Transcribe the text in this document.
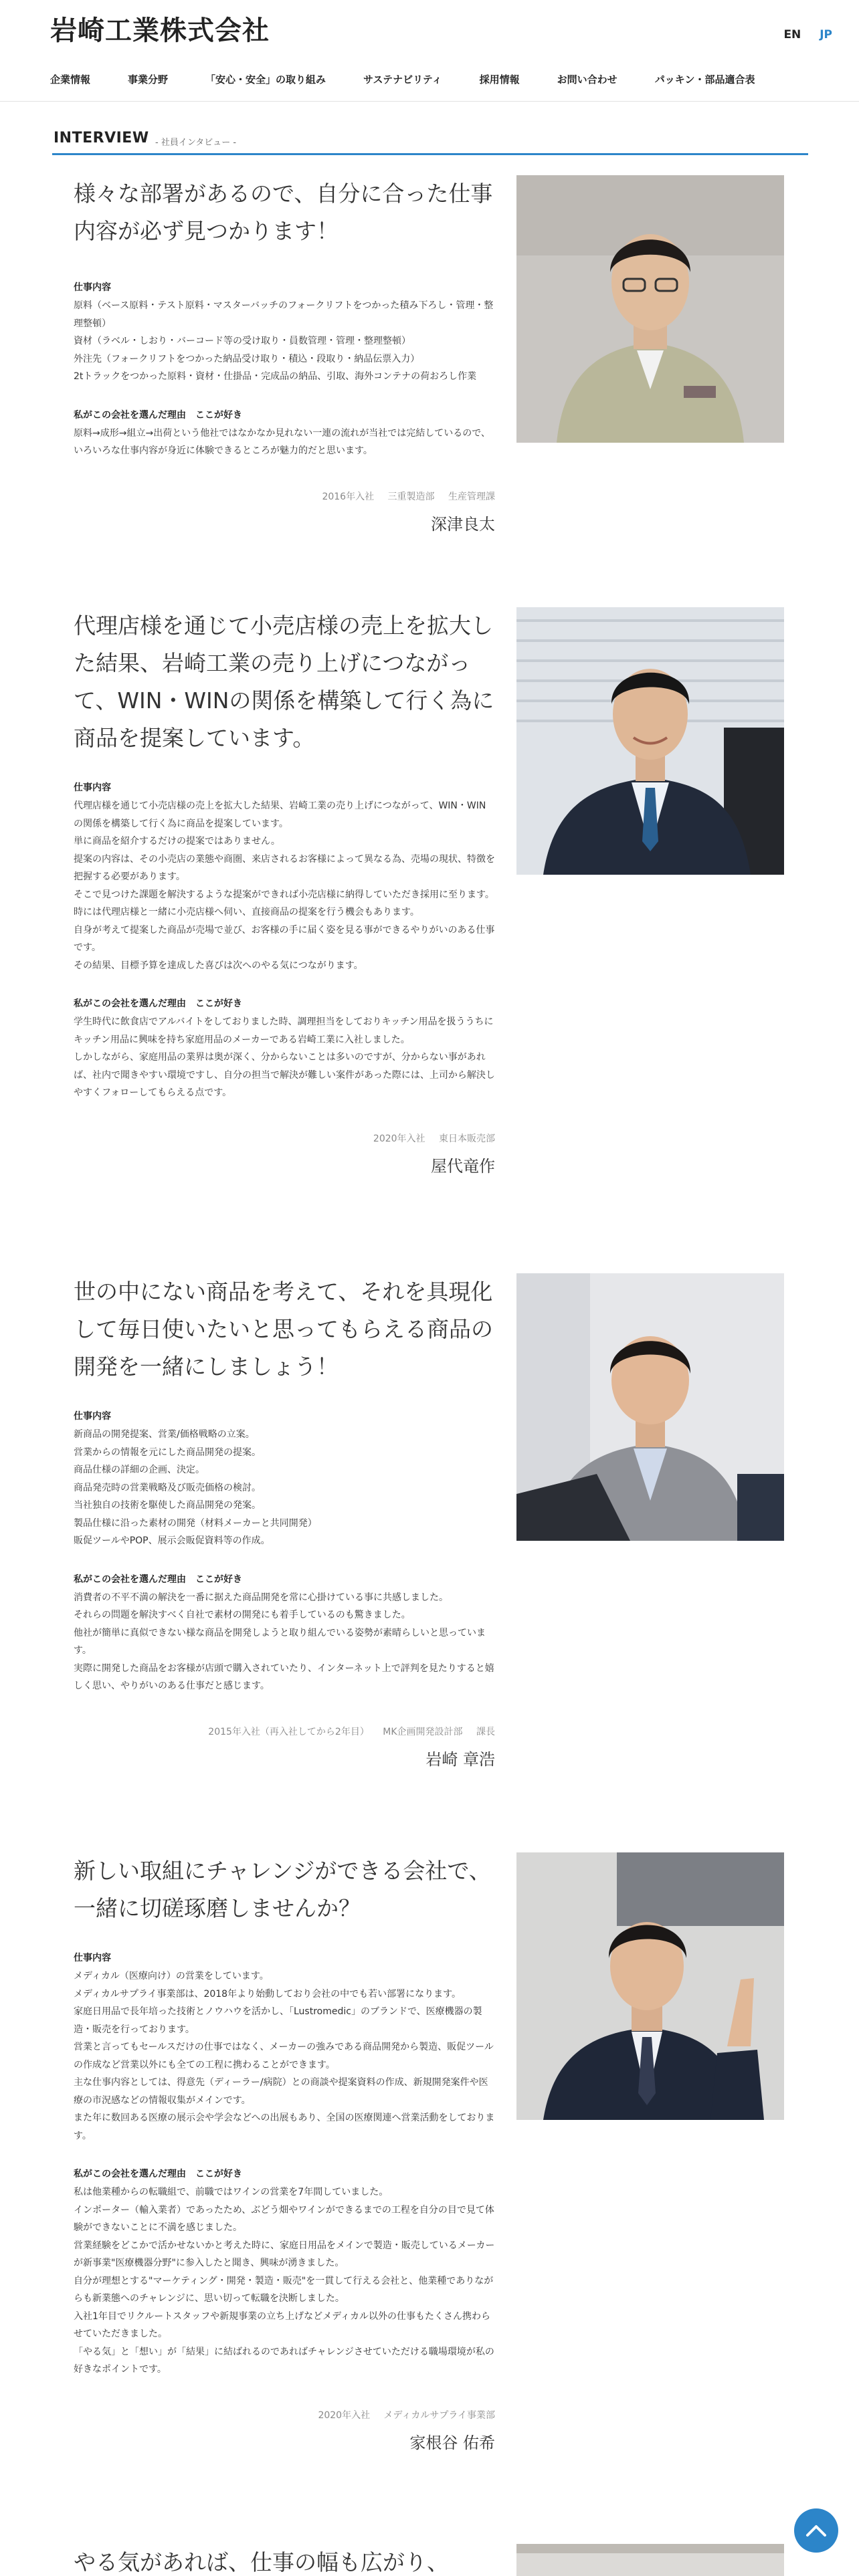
岩崎工業株式会社	EN JP
企業情報	事業分野	「安心・安全」の取り組み	サステナビリティ	採用情報	お問い合わせ	パッキン・部品適合表
INTERVIEW - 社員インタビュー -
様々な部署があるので、自分に合った仕事内容が必ず見つかります！
仕事内容

原料（ベース原料・テスト原料・マスターバッチのフォークリフトをつかった積み下ろし・管理・整理整頓）

資材（ラベル・しおり・バーコード等の受け取り・員数管理・管理・整理整頓）

外注先（フォークリフトをつかった納品受け取り・積込・段取り・納品伝票入力）

2tトラックをつかった原料・資材・仕掛品・完成品の納品、引取、海外コンテナの荷おろし作業

私がこの会社を選んだ理由　ここが好き

原料→成形→組立→出荷という他社ではなかなか見れない一連の流れが当社では完結しているので、いろいろな仕事内容が身近に体験できるところが魅力的だと思います。

2016年入社 三重製造部 生産管理課
深津良太
代理店様を通じて小売店様の売上を拡大した結果、岩崎工業の売り上げにつながって、WIN・WINの関係を構築して行く為に商品を提案しています。
仕事内容

代理店様を通じて小売店様の売上を拡大した結果、岩崎工業の売り上げにつながって、WIN・WINの関係を構築して行く為に商品を提案しています。

単に商品を紹介するだけの提案ではありません。

提案の内容は、その小売店の業態や商圏、来店されるお客様によって異なる為、売場の現状、特徴を把握する必要があります。

そこで見つけた課題を解決するような提案ができれば小売店様に納得していただき採用に至ります。

時には代理店様と一緒に小売店様へ伺い、直接商品の提案を行う機会もあります。

自身が考えて提案した商品が売場で並び、お客様の手に届く姿を見る事ができるやりがいのある仕事です。

その結果、目標予算を達成した喜びは次へのやる気につながります。

私がこの会社を選んだ理由　ここが好き

学生時代に飲食店でアルバイトをしておりました時、調理担当をしておりキッチン用品を扱ううちにキッチン用品に興味を持ち家庭用品のメーカーである岩崎工業に入社しました。

しかしながら、家庭用品の業界は奥が深く、分からないことは多いのですが、分からない事があれば、社内で聞きやすい環境ですし、自分の担当で解決が難しい案件があった際には、上司から解決しやすくフォローしてもらえる点です。

2020年入社 東日本販売部
屋代竜作
世の中にない商品を考えて、それを具現化して毎日使いたいと思ってもらえる商品の開発を一緒にしましょう！
仕事内容

新商品の開発提案、営業/価格戦略の立案。

営業からの情報を元にした商品開発の提案。

商品仕様の詳細の企画、決定。

商品発売時の営業戦略及び販売価格の検討。

当社独自の技術を駆使した商品開発の発案。

製品仕様に沿った素材の開発（材料メーカーと共同開発）

販促ツールやPOP、展示会販促資料等の作成。

私がこの会社を選んだ理由　ここが好き

消費者の不平不満の解決を一番に据えた商品開発を常に心掛けている事に共感しました。

それらの問題を解決すべく自社で素材の開発にも着手しているのも驚きました。

他社が簡単に真似できない様な商品を開発しようと取り組んでいる姿勢が素晴らしいと思っています。

実際に開発した商品をお客様が店頭で購入されていたり、インターネット上で評判を見たりすると嬉しく思い、やりがいのある仕事だと感じます。

2015年入社（再入社してから2年目） MK企画開発設計部 課長
岩崎 章浩
新しい取組にチャレンジができる会社で、一緒に切磋琢磨しませんか？
仕事内容

メディカル（医療向け）の営業をしています。

メディカルサプライ事業部は、2018年より始動しており会社の中でも若い部署になります。

家庭日用品で長年培った技術とノウハウを活かし、「Lustromedic」のブランドで、医療機器の製造・販売を行っております。

営業と言ってもセールスだけの仕事ではなく、メーカーの強みである商品開発から製造、販促ツールの作成など営業以外にも全ての工程に携わることができます。

主な仕事内容としては、得意先（ディーラー/病院）との商談や提案資料の作成、新規開発案件や医療の市況感などの情報収集がメインです。

また年に数回ある医療の展示会や学会などへの出展もあり、全国の医療関連へ営業活動をしております。

私がこの会社を選んだ理由　ここが好き

私は他業種からの転職組で、前職ではワインの営業を7年間していました。

インポーター（輸入業者）であったため、ぶどう畑やワインができるまでの工程を自分の目で見て体験ができないことに不満を感じました。

営業経験をどこかで活かせないかと考えた時に、家庭日用品をメインで製造・販売しているメーカーが新事業"医療機器分野"に参入したと聞き、興味が湧きました。

自分が理想とする"マーケティング・開発・製造・販売"を一貫して行える会社と、他業種でありながらも新業態へのチャレンジに、思い切って転職を決断しました。

入社1年目でリクルートスタッフや新規事業の立ち上げなどメディカル以外の仕事もたくさん携わらせていただきました。

「やる気」と「想い」が「結果」に結ばれるのであればチャレンジさせていただける職場環境が私の好きなポイントです。

2020年入社 メディカルサプライ事業部
家根谷 佑希
やる気があれば、仕事の幅も広がり、
